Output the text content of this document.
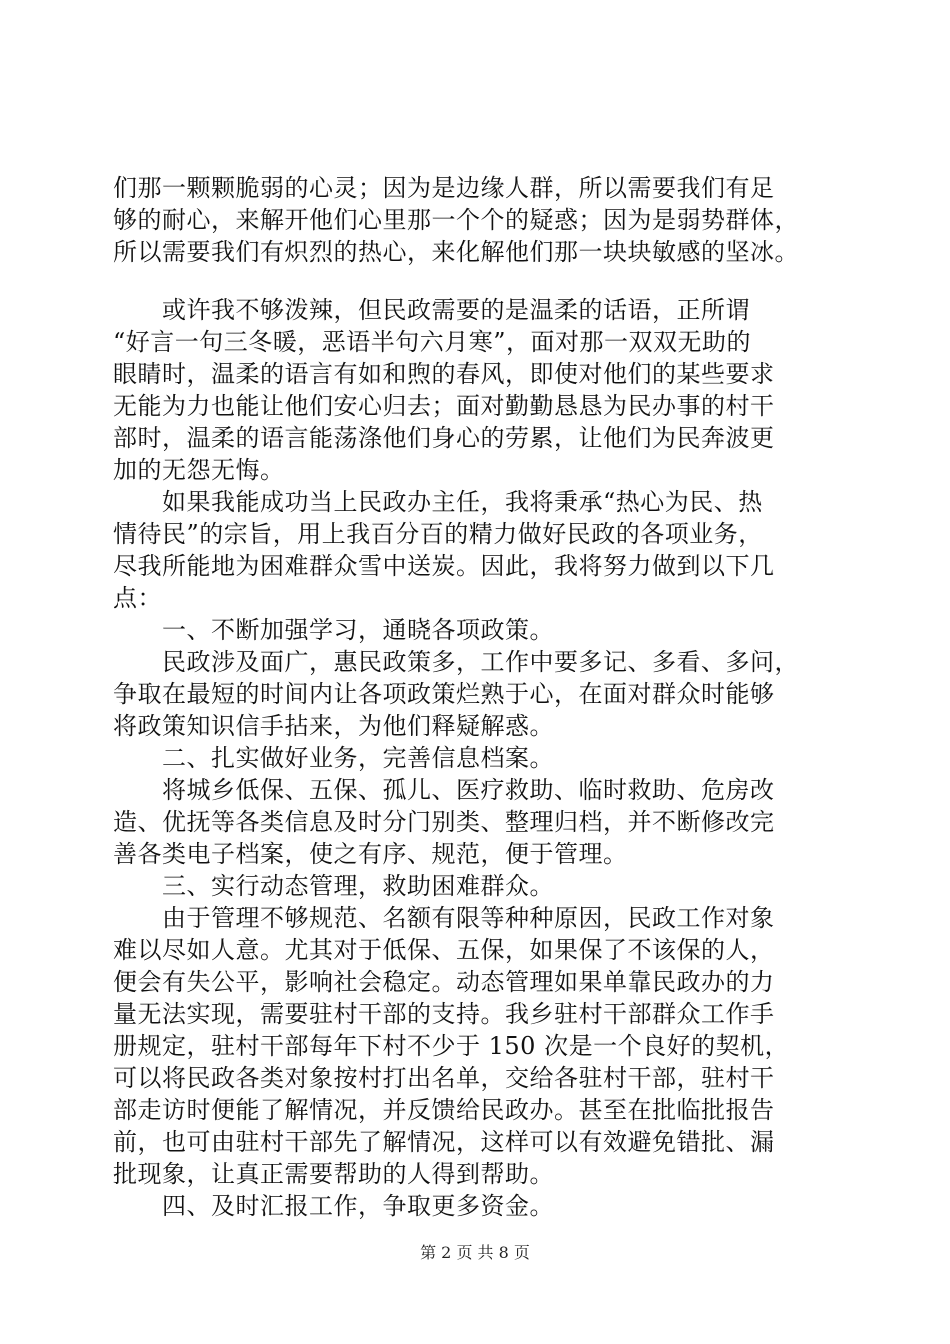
们那一颗颗脆弱的心灵；因为是边缘人群，所以需要我们有足
够的耐心，来解开他们心里那一个个的疑惑；因为是弱势群体，
所以需要我们有炽烈的热心，来化解他们那一块块敏感的坚冰。
　　或许我不够泼辣，但民政需要的是温柔的话语，正所谓
“好言一句三冬暖，恶语半句六月寒”，面对那一双双无助的
眼睛时，温柔的语言有如和煦的春风，即使对他们的某些要求
无能为力也能让他们安心归去；面对勤勤恳恳为民办事的村干
部时，温柔的语言能荡涤他们身心的劳累，让他们为民奔波更
加的无怨无悔。
　　如果我能成功当上民政办主任，我将秉承“热心为民、热
情待民”的宗旨，用上我百分百的精力做好民政的各项业务，
尽我所能地为困难群众雪中送炭。因此，我将努力做到以下几
点：
　　一、不断加强学习，通晓各项政策。
　　民政涉及面广，惠民政策多，工作中要多记、多看、多问，
争取在最短的时间内让各项政策烂熟于心，在面对群众时能够
将政策知识信手拈来，为他们释疑解惑。
　　二、扎实做好业务，完善信息档案。
　　将城乡低保、五保、孤儿、医疗救助、临时救助、危房改
造、优抚等各类信息及时分门别类、整理归档，并不断修改完
善各类电子档案，使之有序、规范，便于管理。
　　三、实行动态管理，救助困难群众。
　　由于管理不够规范、名额有限等种种原因，民政工作对象
难以尽如人意。尤其对于低保、五保，如果保了不该保的人，
便会有失公平，影响社会稳定。动态管理如果单靠民政办的力
量无法实现，需要驻村干部的支持。我乡驻村干部群众工作手
册规定，驻村干部每年下村不少于 150 次是一个良好的契机，
可以将民政各类对象按村打出名单，交给各驻村干部，驻村干
部走访时便能了解情况，并反馈给民政办。甚至在批临批报告
前，也可由驻村干部先了解情况，这样可以有效避免错批、漏
批现象，让真正需要帮助的人得到帮助。
　　四、及时汇报工作，争取更多资金。
第 2 页 共 8 页
